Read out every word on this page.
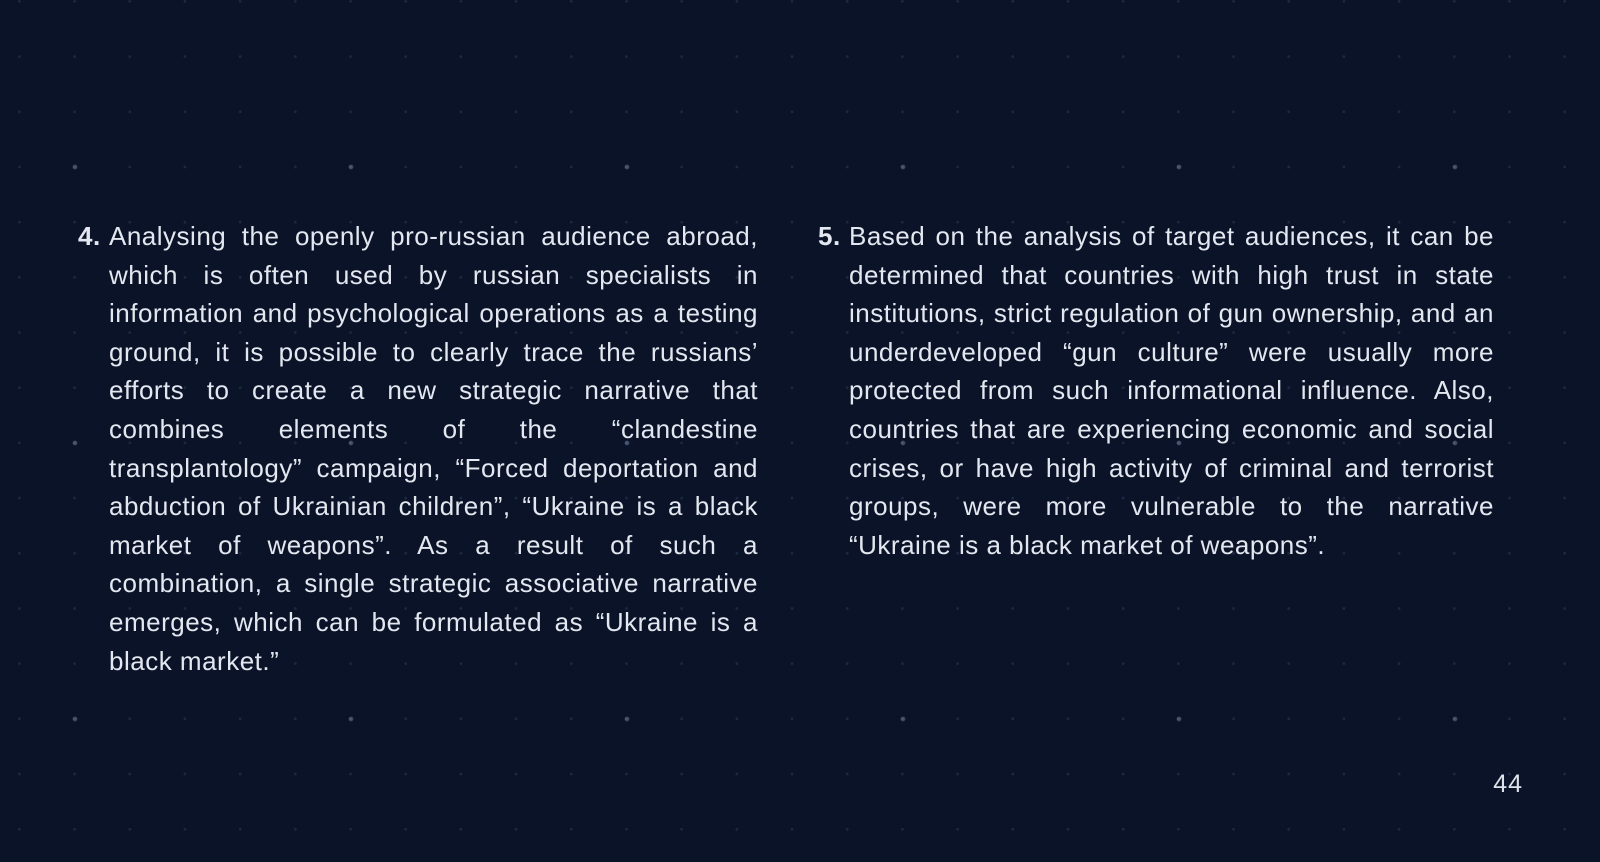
4. Analysing the openly pro-russian audience abroad, which is often used by russian specialists in information and psychological operations as a testing ground, it is possible to clearly trace the russians’ efforts to create a new strategic narrative that combines elements of the “clandestine transplantology” campaign, “Forced deportation and abduction of Ukrainian children”, “Ukraine is a black market of weapons”. As a result of such a combination, a single strategic associative narrative emerges, which can be formulated as “Ukraine is a black market.”

5. Based on the analysis of target audiences, it can be determined that countries with high trust in state institutions, strict regulation of gun ownership, and an underdeveloped “gun culture” were usually more protected from such informational influence. Also, countries that are experiencing economic and social crises, or have high activity of criminal and terrorist groups, were more vulnerable to the narrative “Ukraine is a black market of weapons”.

44
